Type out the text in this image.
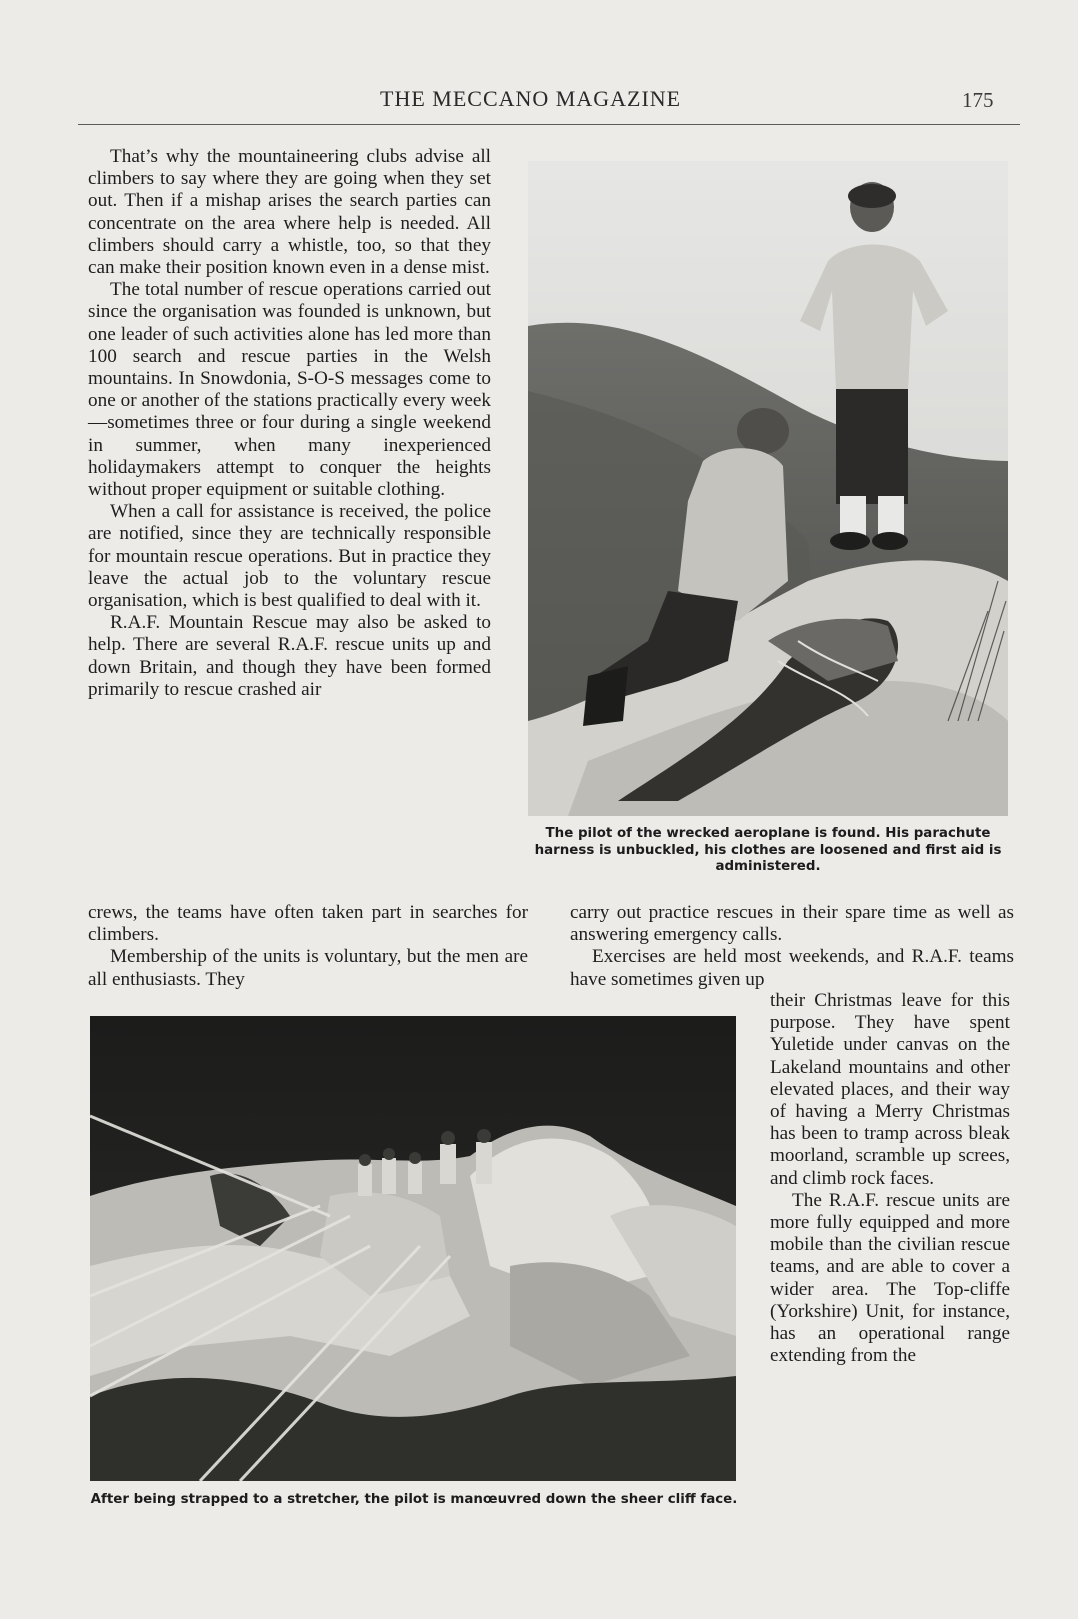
THE MECCANO MAGAZINE	175

That’s why the mountaineering clubs advise all climbers to say where they are going when they set out. Then if a mishap arises the search parties can concentrate on the area where help is needed. All climbers should carry a whistle, too, so that they can make their position known even in a dense mist.

The total number of rescue operations carried out since the organisation was founded is unknown, but one leader of such activities alone has led more than 100 search and rescue parties in the Welsh mountains. In Snowdonia, S-O-S messages come to one or another of the stations practically every week —sometimes three or four during a single weekend in summer, when many inexperienced holidaymakers attempt to conquer the heights without proper equipment or suitable clothing.

When a call for assistance is received, the police are notified, since they are technically responsible for mountain rescue operations. But in practice they leave the actual job to the voluntary rescue organisation, which is best qualified to deal with it.

R.A.F. Mountain Rescue may also be asked to help. There are several R.A.F. rescue units up and down Britain, and though they have been formed primarily to rescue crashed air

crews, the teams have often taken part in searches for climbers.

Membership of the units is voluntary, but the men are all enthusiasts. They

carry out practice rescues in their spare time as well as answering emergency calls.

Exercises are held most weekends, and R.A.F. teams have sometimes given up

their Christmas leave for this purpose. They have spent Yuletide under canvas on the Lakeland mountains and other elevated places, and their way of having a Merry Christmas has been to tramp across bleak moorland, scramble up screes, and climb rock faces.

The R.A.F. rescue units are more fully equipped and more mobile than the civilian rescue teams, and are able to cover a wider area. The Top-cliffe (Yorkshire) Unit, for instance, has an operational range extending from the

The pilot of the wrecked aeroplane is found. His parachute harness is unbuckled, his clothes are loosened and first aid is administered.
After being strapped to a stretcher, the pilot is manœuvred down the sheer cliff face.
